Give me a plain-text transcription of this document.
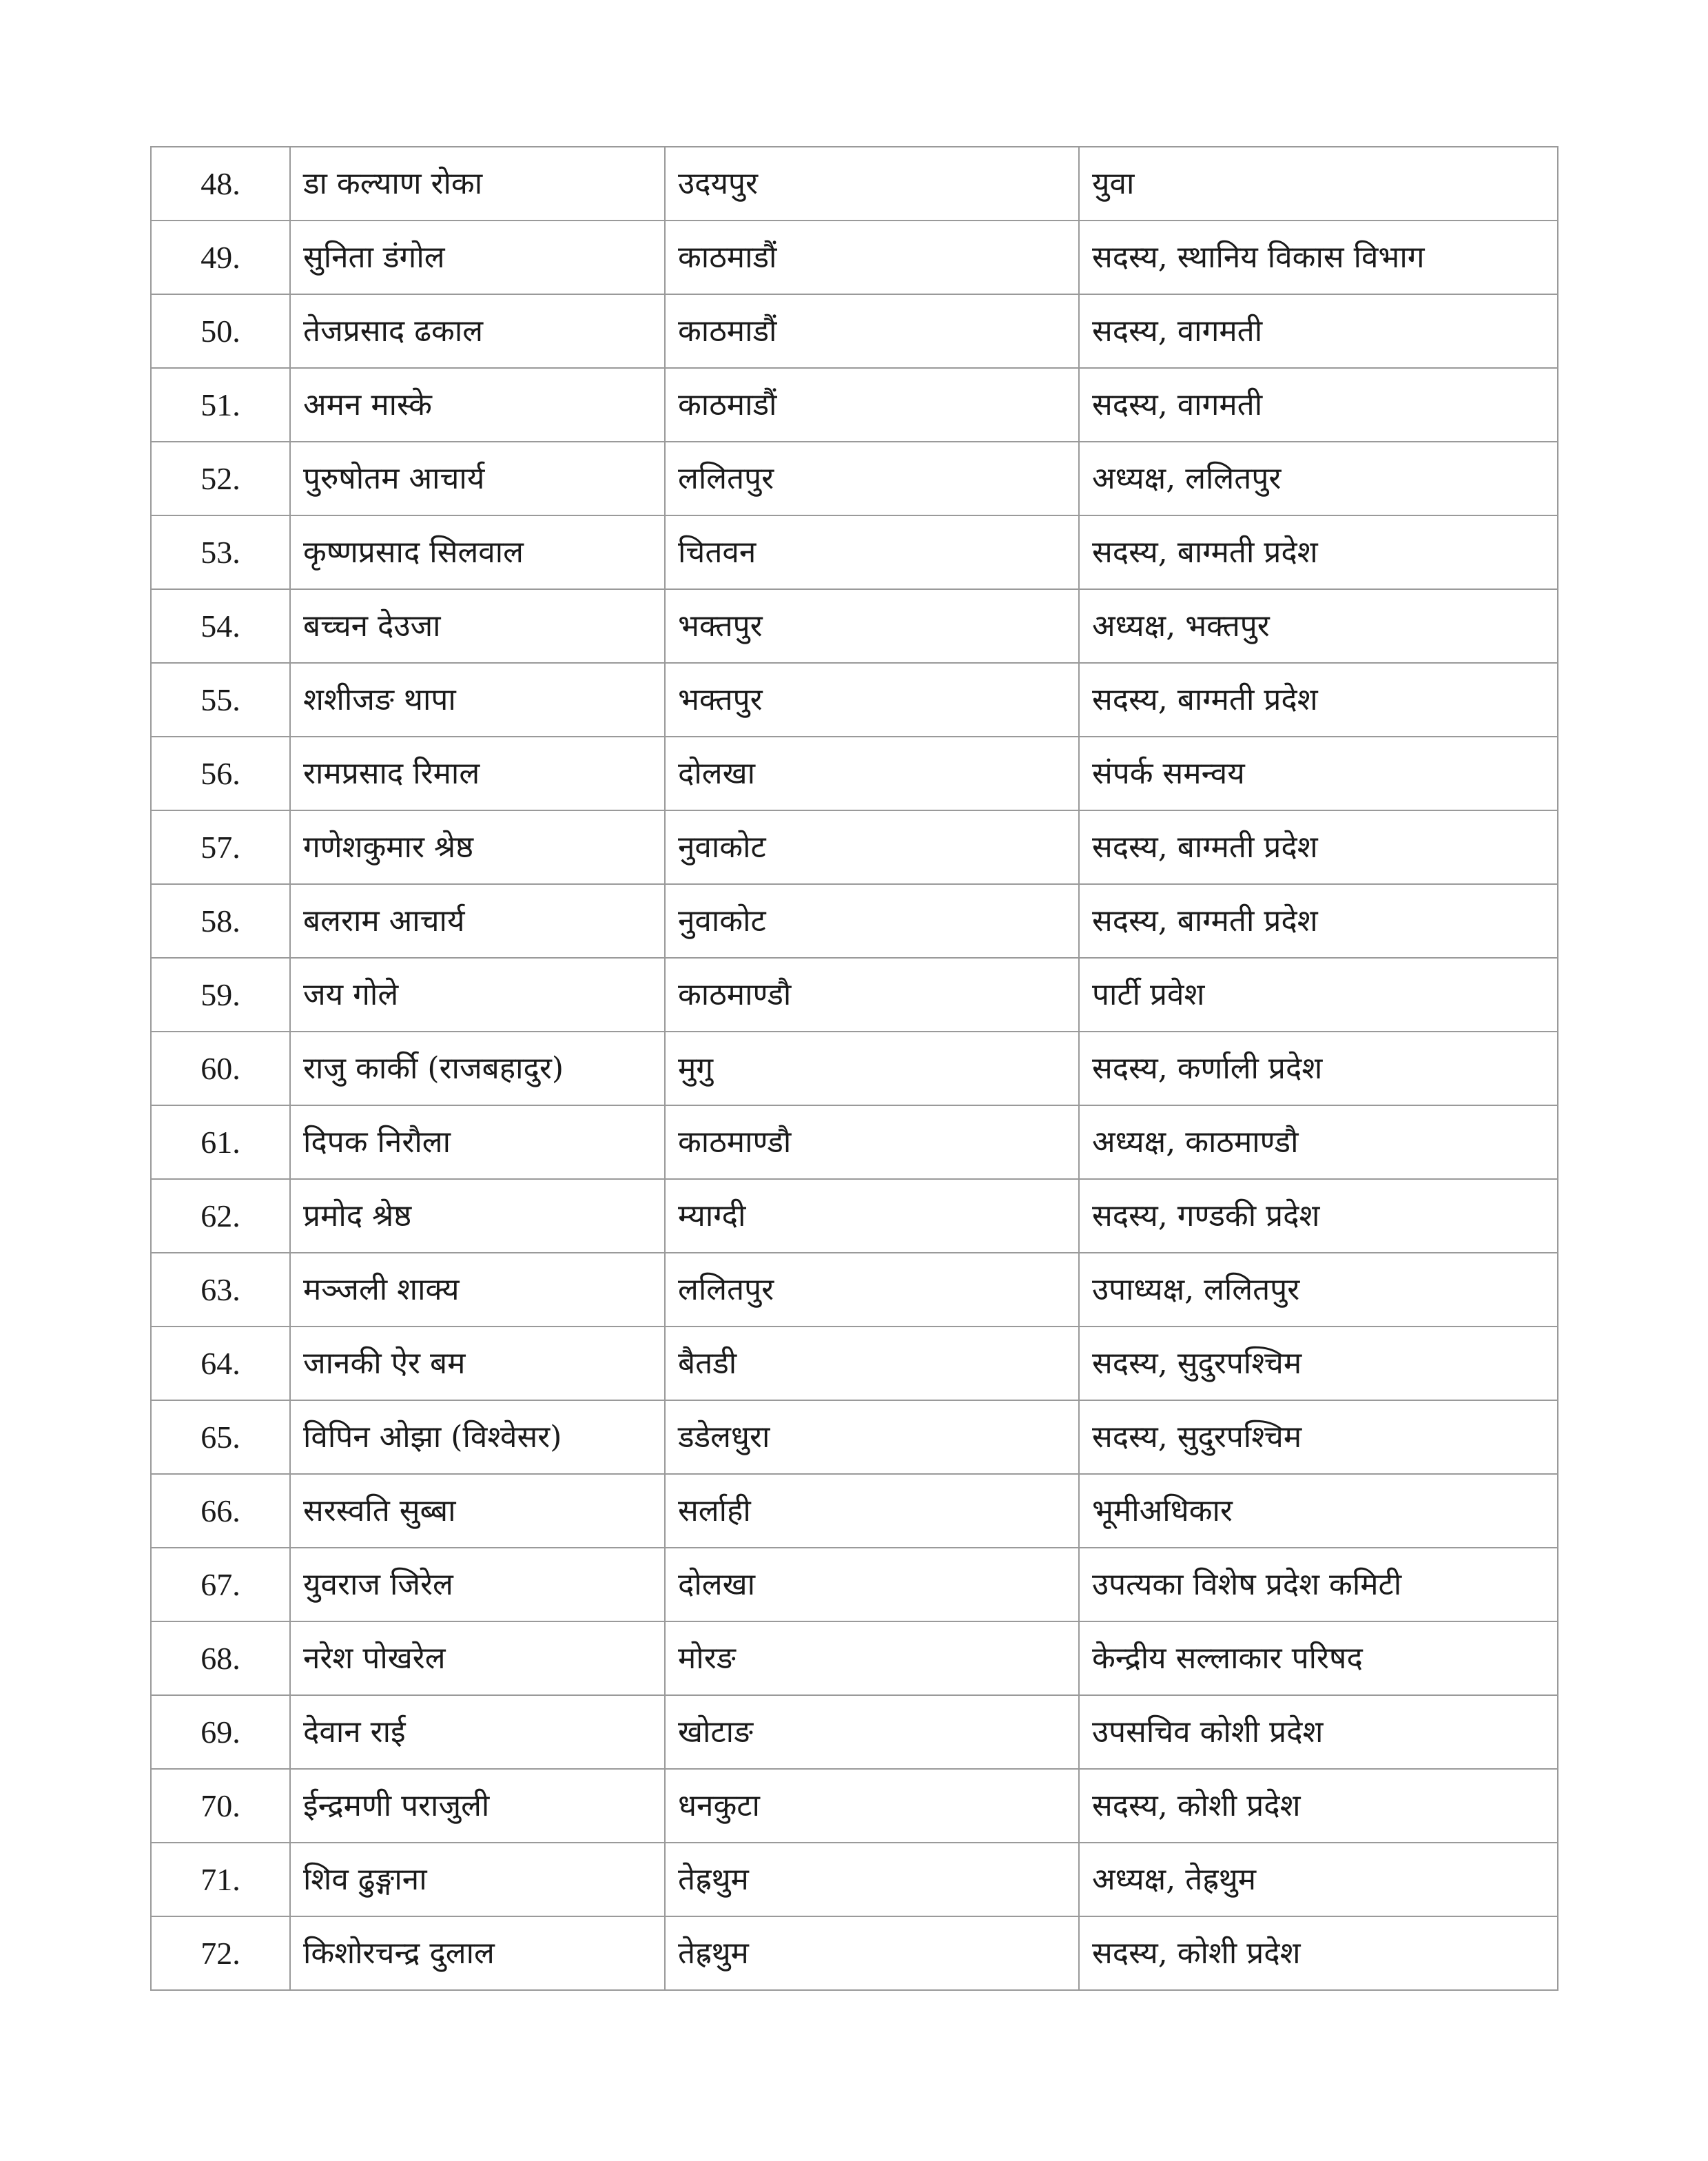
48.	डा कल्याण रोका	उदयपुर	युवा
49.	सुनिता डंगोल	काठमाडौं	सदस्य, स्थानिय विकास विभाग
50.	तेजप्रसाद ढकाल	काठमाडौं	सदस्य, वागमती
51.	अमन मास्के	काठमाडौं	सदस्य, वागमती
52.	पुरुषोतम आचार्य	ललितपुर	अध्यक्ष, ललितपुर
53.	कृष्णप्रसाद सिलवाल	चितवन	सदस्य, बाग्मती प्रदेश
54.	बच्चन देउजा	भक्तपुर	अध्यक्ष, भक्तपुर
55.	शशीजङ थापा	भक्तपुर	सदस्य, बाग्मती प्रदेश
56.	रामप्रसाद रिमाल	दोलखा	संपर्क समन्वय
57.	गणेशकुमार श्रेष्ठ	नुवाकोट	सदस्य, बाग्मती प्रदेश
58.	बलराम आचार्य	नुवाकोट	सदस्य, बाग्मती प्रदेश
59.	जय गोले	काठमाण्डौ	पार्टी प्रवेश
60.	राजु कार्की (राजबहादुर)	मुगु	सदस्य, कर्णाली प्रदेश
61.	दिपक निरौला	काठमाण्डौ	अध्यक्ष, काठमाण्डौ
62.	प्रमोद श्रेष्ठ	म्याग्दी	सदस्य, गण्डकी प्रदेश
63.	मञ्जली शाक्य	ललितपुर	उपाध्यक्ष, ललितपुर
64.	जानकी ऐर बम	बैतडी	सदस्य, सुदुरपश्चिम
65.	विपिन ओझा (विश्वेसर)	डडेलधुरा	सदस्य, सुदुरपश्चिम
66.	सरस्वति सुब्बा	सर्लाही	भूमीअधिकार
67.	युवराज जिरेल	दोलखा	उपत्यका विशेष प्रदेश कमिटी
68.	नरेश पोखरेल	मोरङ	केन्द्रीय सल्लाकार परिषद
69.	देवान राई	खोटाङ	उपसचिव कोशी प्रदेश
70.	ईन्द्रमणी पराजुली	धनकुटा	सदस्य, कोशी प्रदेश
71.	शिव ढुङ्गाना	तेह्रथुम	अध्यक्ष, तेह्रथुम
72.	किशोरचन्द्र दुलाल	तेह्रथुम	सदस्य, कोशी प्रदेश
